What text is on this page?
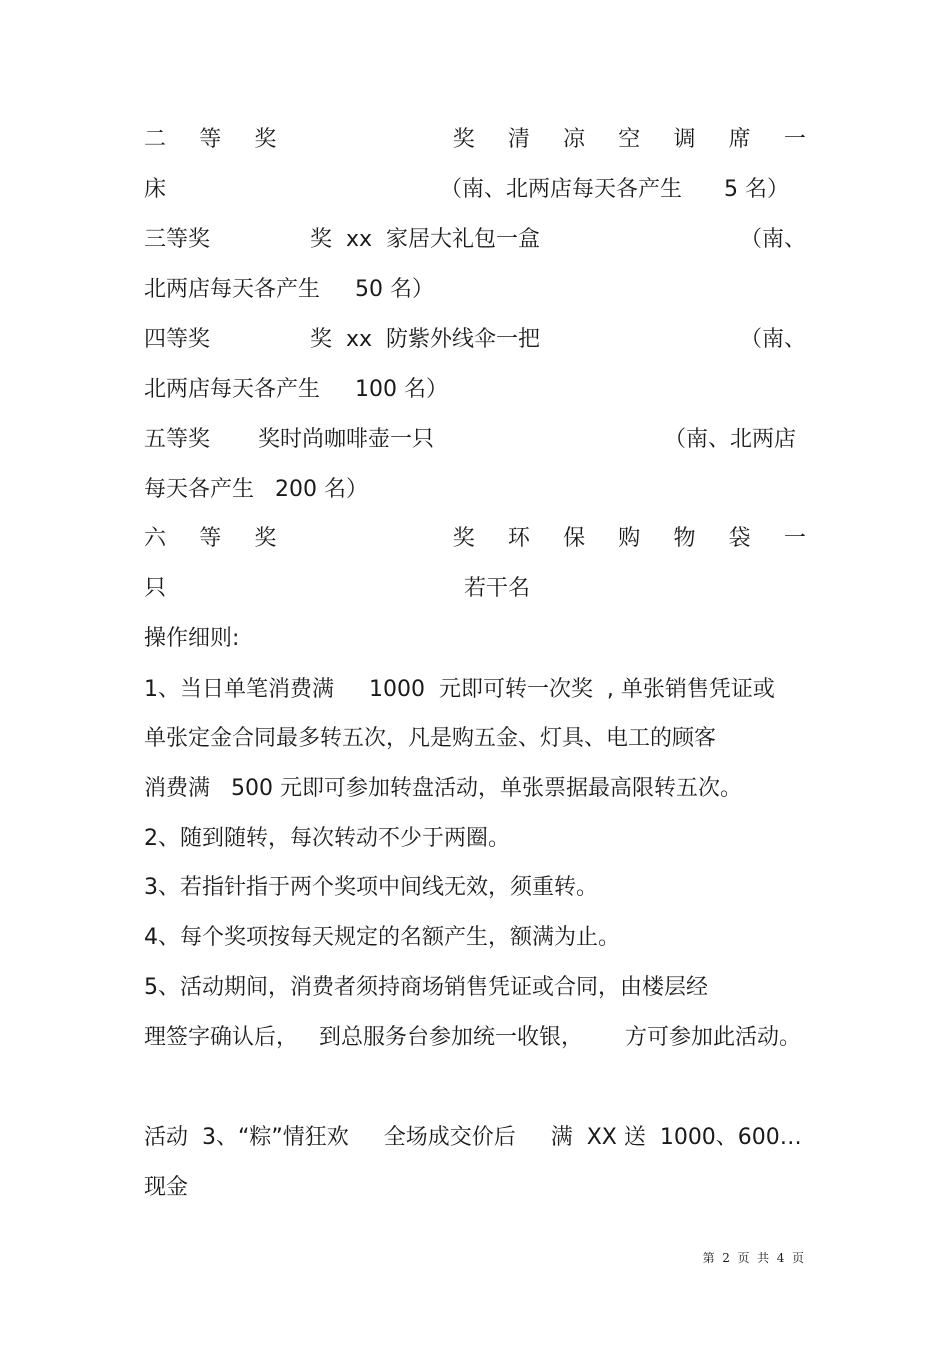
二 等 奖	奖 清 凉 空 调 席 一
床	（南、北两店每天各产生 5 名）
三等奖	奖  xx  家居大礼包一盒	（南、
北两店每天各产生     50 名）
四等奖	奖  xx  防紫外线伞一把	（南、
北两店每天各产生     100 名）
五等奖 奖时尚咖啡壶一只	（南、北两店
每天各产生   200 名）
六 等 奖	奖 环 保 购 物 袋 一
只	若干名
操作细则:
1、当日单笔消费满     1000  元即可转一次奖  , 单张销售凭证或
单张定金合同最多转五次，凡是购五金、灯具、电工的顾客
消费满   500 元即可参加转盘活动，单张票据最高限转五次。
2、随到随转，每次转动不少于两圈。
3、若指针指于两个奖项中间线无效，须重转。
4、每个奖项按每天规定的名额产生，额满为止。
5、活动期间，消费者须持商场销售凭证或合同，由楼层经
理签字确认后，   到总服务台参加统一收银，      方可参加此活动。
活动  3、“粽”情狂欢     全场成交价后     满  XX 送  1000、600…
现金
第  2  页  共  4  页
